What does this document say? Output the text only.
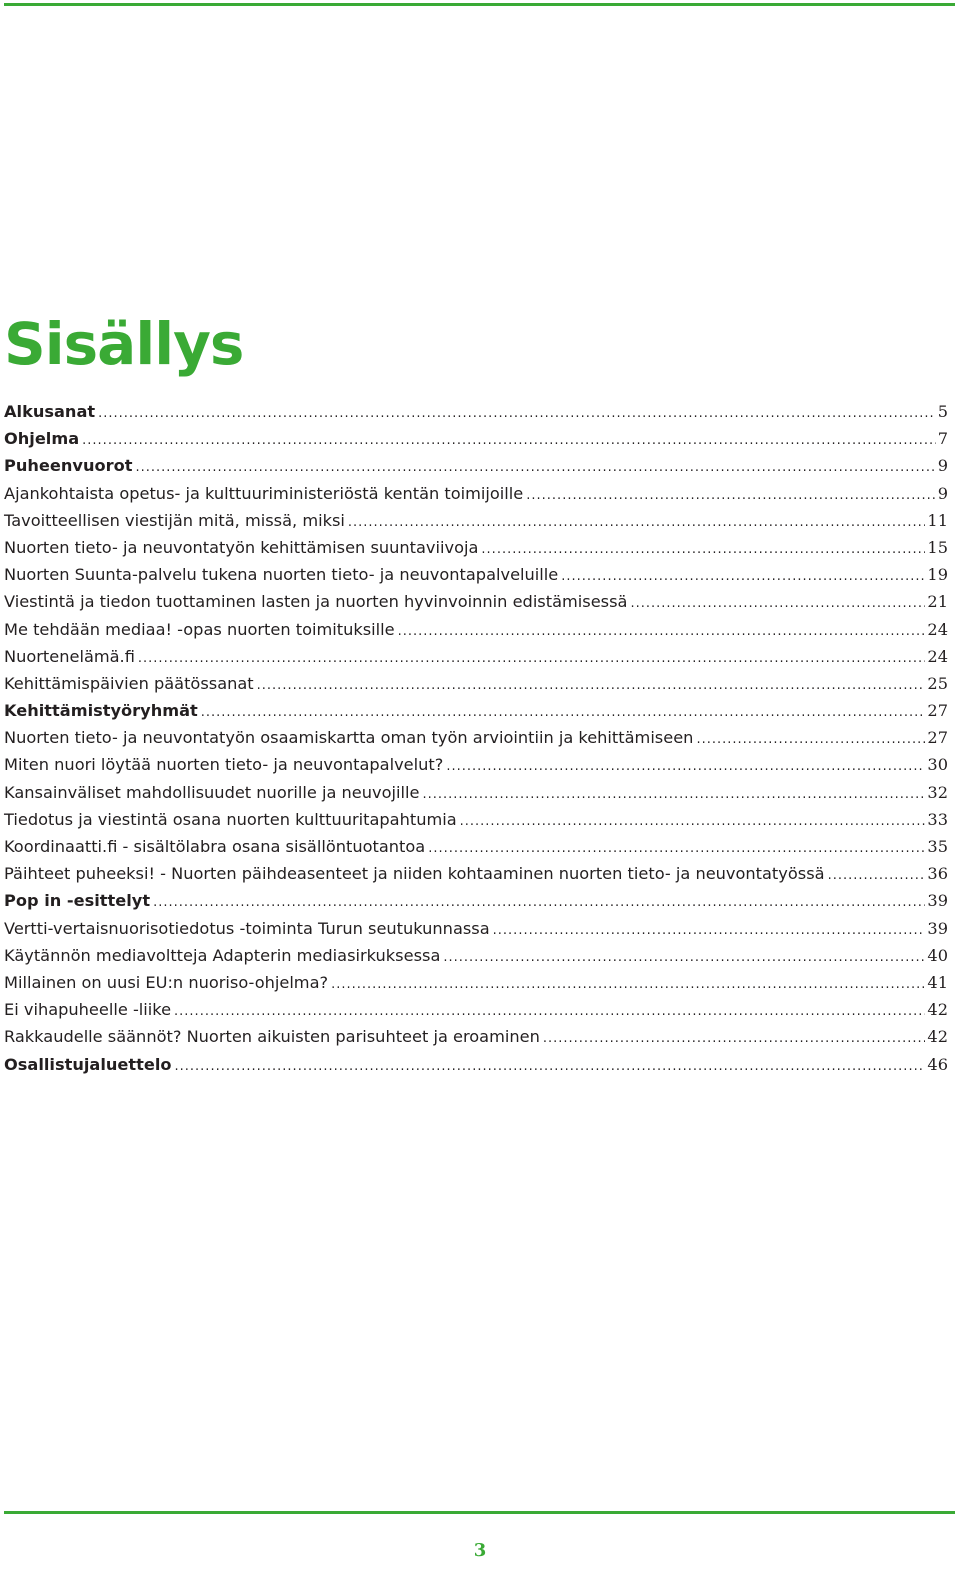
Sisällys
Alkusanat .....	5
Ohjelma .....	7
Puheenvuorot .....	9
Ajankohtaista opetus- ja kulttuuriministeriöstä kentän toimijoille .....	9
Tavoitteellisen viestijän mitä, missä, miksi .....	11
Nuorten tieto- ja neuvontatyön kehittämisen suuntaviivoja .....	15
Nuorten Suunta-palvelu tukena nuorten tieto- ja neuvontapalveluille .....	19
Viestintä ja tiedon tuottaminen lasten ja nuorten hyvinvoinnin edistämisessä .....	21
Me tehdään mediaa! -opas nuorten toimituksille .....	24
Nuortenelämä.fi .....	24
Kehittämispäivien päätössanat .....	25
Kehittämistyöryhmät .....	27
Nuorten tieto- ja neuvontatyön osaamiskartta oman työn arviointiin ja kehittämiseen .....	27
Miten nuori löytää nuorten tieto- ja neuvontapalvelut? .....	30
Kansainväliset mahdollisuudet nuorille ja neuvojille .....	32
Tiedotus ja viestintä osana nuorten kulttuuritapahtumia .....	33
Koordinaatti.fi - sisältölabra osana sisällöntuotantoa .....	35
Päihteet puheeksi! - Nuorten päihdeasenteet ja niiden kohtaaminen nuorten tieto- ja neuvontatyössä .....	36
Pop in -esittelyt .....	39
Vertti-vertaisnuorisotiedotus -toiminta Turun seutukunnassa .....	39
Käytännön mediavoltteja Adapterin mediasirkuksessa .....	40
Millainen on uusi EU:n nuoriso-ohjelma? .....	41
Ei vihapuheelle -liike .....	42
Rakkaudelle säännöt? Nuorten aikuisten parisuhteet ja eroaminen .....	42
Osallistujaluettelo .....	46
3
